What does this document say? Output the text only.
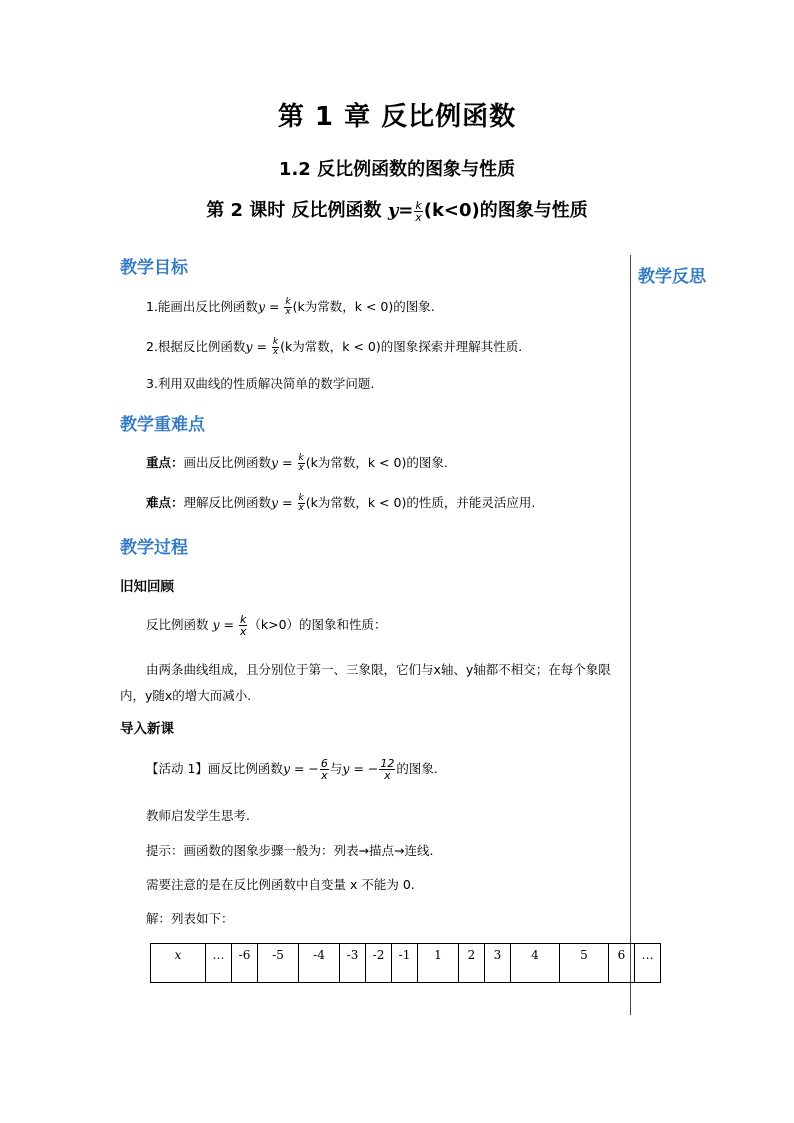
第 1 章 反比例函数
1.2 反比例函数的图象与性质
第 2 课时 反比例函数 $y= \frac{k}{x} (k<0)$的图象与性质
教学反思
教学目标
1.能画出反比例函数$y = \frac{k}{x} (k$为常数，k < 0)的图象.
2.根据反比例函数$y = \frac{k}{x} (k$为常数，k < 0)的图象探索并理解其性质.
3.利用双曲线的性质解决简单的数学问题.
教学重难点
重点：画出反比例函数$y = \frac{k}{x} (k$为常数，k < 0)的图象.
难点：理解反比例函数$y = \frac{k}{x} (k$为常数，k < 0)的性质，并能灵活应用.
教学过程
旧知回顾
反比例函数 $y = \frac{k}{x} (k>0)$的图象和性质：
由两条曲线组成，且分别位于第一、三象限，它们与x轴、y轴都不相交；在每个象限内，y随x的增大而减小.
导入新课
【活动 1】画反比例函数y = − $\frac{6}{x}$ 与y = − $\frac{12}{x}$ 的图象.
教师启发学生思考.
提示：画函数的图象步骤一般为：列表→描点→连线.
需要注意的是在反比例函数中自变量 x 不能为 0.
解：列表如下：
x	…	-6	-5	-4	-3	-2	-1	1	2	3	4	5	6	…
